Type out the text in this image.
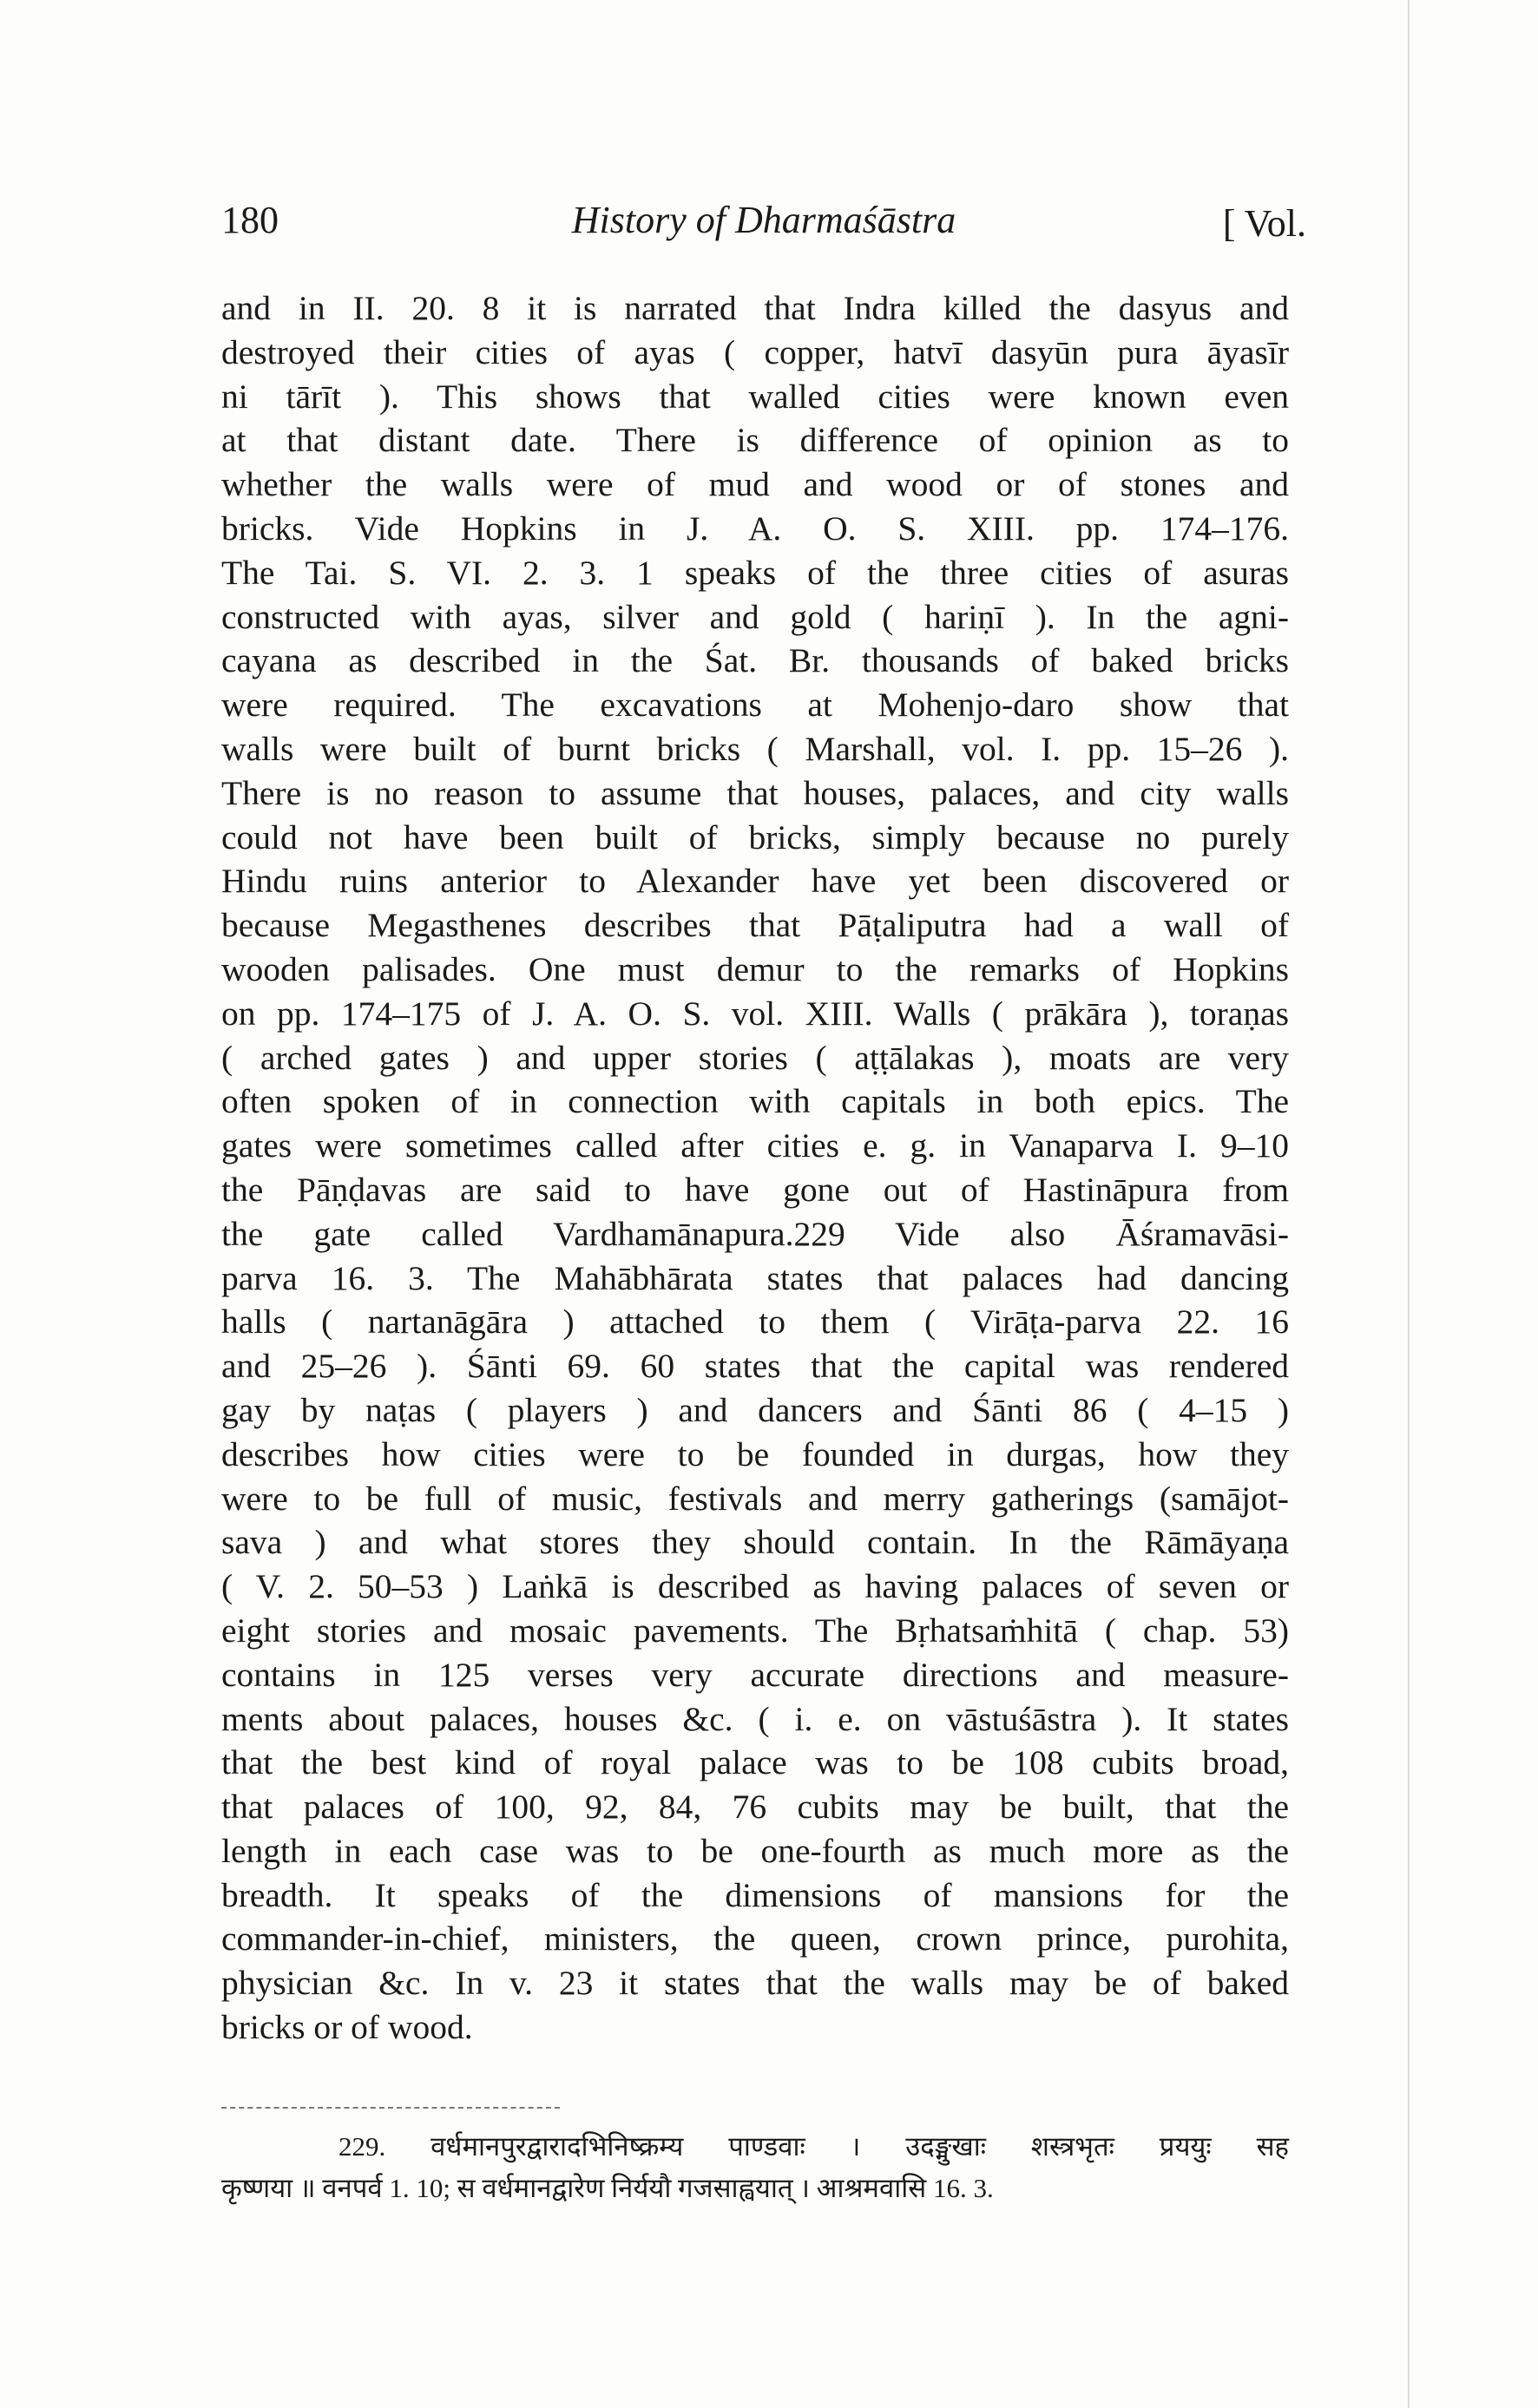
180	History of Dharmaśāstra	[ Vol.
and in II. 20. 8 it is narrated that Indra killed the dasyus and
destroyed their cities of ayas ( copper, hatvī dasyūn pura āyasīr
ni tārīt ). This shows that walled cities were known even
at that distant date. There is difference of opinion as to
whether the walls were of mud and wood or of stones and
bricks. Vide Hopkins in J. A. O. S. XIII. pp. 174–176.
The Tai. S. VI. 2. 3. 1 speaks of the three cities of asuras
constructed with ayas, silver and gold ( hariṇī ). In the agni-
cayana as described in the Śat. Br. thousands of baked bricks
were required. The excavations at Mohenjo-daro show that
walls were built of burnt bricks ( Marshall, vol. I. pp. 15–26 ).
There is no reason to assume that houses, palaces, and city walls
could not have been built of bricks, simply because no purely
Hindu ruins anterior to Alexander have yet been discovered or
because Megasthenes describes that Pāṭaliputra had a wall of
wooden palisades. One must demur to the remarks of Hopkins
on pp. 174–175 of J. A. O. S. vol. XIII. Walls ( prākāra ), toraṇas
( arched gates ) and upper stories ( aṭṭālakas ), moats are very
often spoken of in connection with capitals in both epics. The
gates were sometimes called after cities e. g. in Vanaparva I. 9–10
the Pāṇḍavas are said to have gone out of Hastināpura from
the gate called Vardhamānapura.229 Vide also Āśramavāsi-
parva 16. 3. The Mahābhārata states that palaces had dancing
halls ( nartanāgāra ) attached to them ( Virāṭa-parva 22. 16
and 25–26 ). Śānti 69. 60 states that the capital was rendered
gay by naṭas ( players ) and dancers and Śānti 86 ( 4–15 )
describes how cities were to be founded in durgas, how they
were to be full of music, festivals and merry gatherings (samājot-
sava ) and what stores they should contain. In the Rāmāyaṇa
( V. 2. 50–53 ) Laṅkā is described as having palaces of seven or
eight stories and mosaic pavements. The Bṛhatsaṁhitā ( chap. 53)
contains in 125 verses very accurate directions and measure-
ments about palaces, houses &c. ( i. e. on vāstuśāstra ). It states
that the best kind of royal palace was to be 108 cubits broad,
that palaces of 100, 92, 84, 76 cubits may be built, that the
length in each case was to be one-fourth as much more as the
breadth. It speaks of the dimensions of mansions for the
commander-in-chief, ministers, the queen, crown prince, purohita,
physician &c. In v. 23 it states that the walls may be of baked
bricks or of wood.
229. वर्धमानपुरद्वारादभिनिष्क्रम्य पाण्डवाः । उदङ्मुखाः शस्त्रभृतः प्रययुः सह
कृष्णया ॥ वनपर्व 1. 10; स वर्धमानद्वारेण निर्ययौ गजसाह्वयात् । आश्रमवासि 16. 3.
